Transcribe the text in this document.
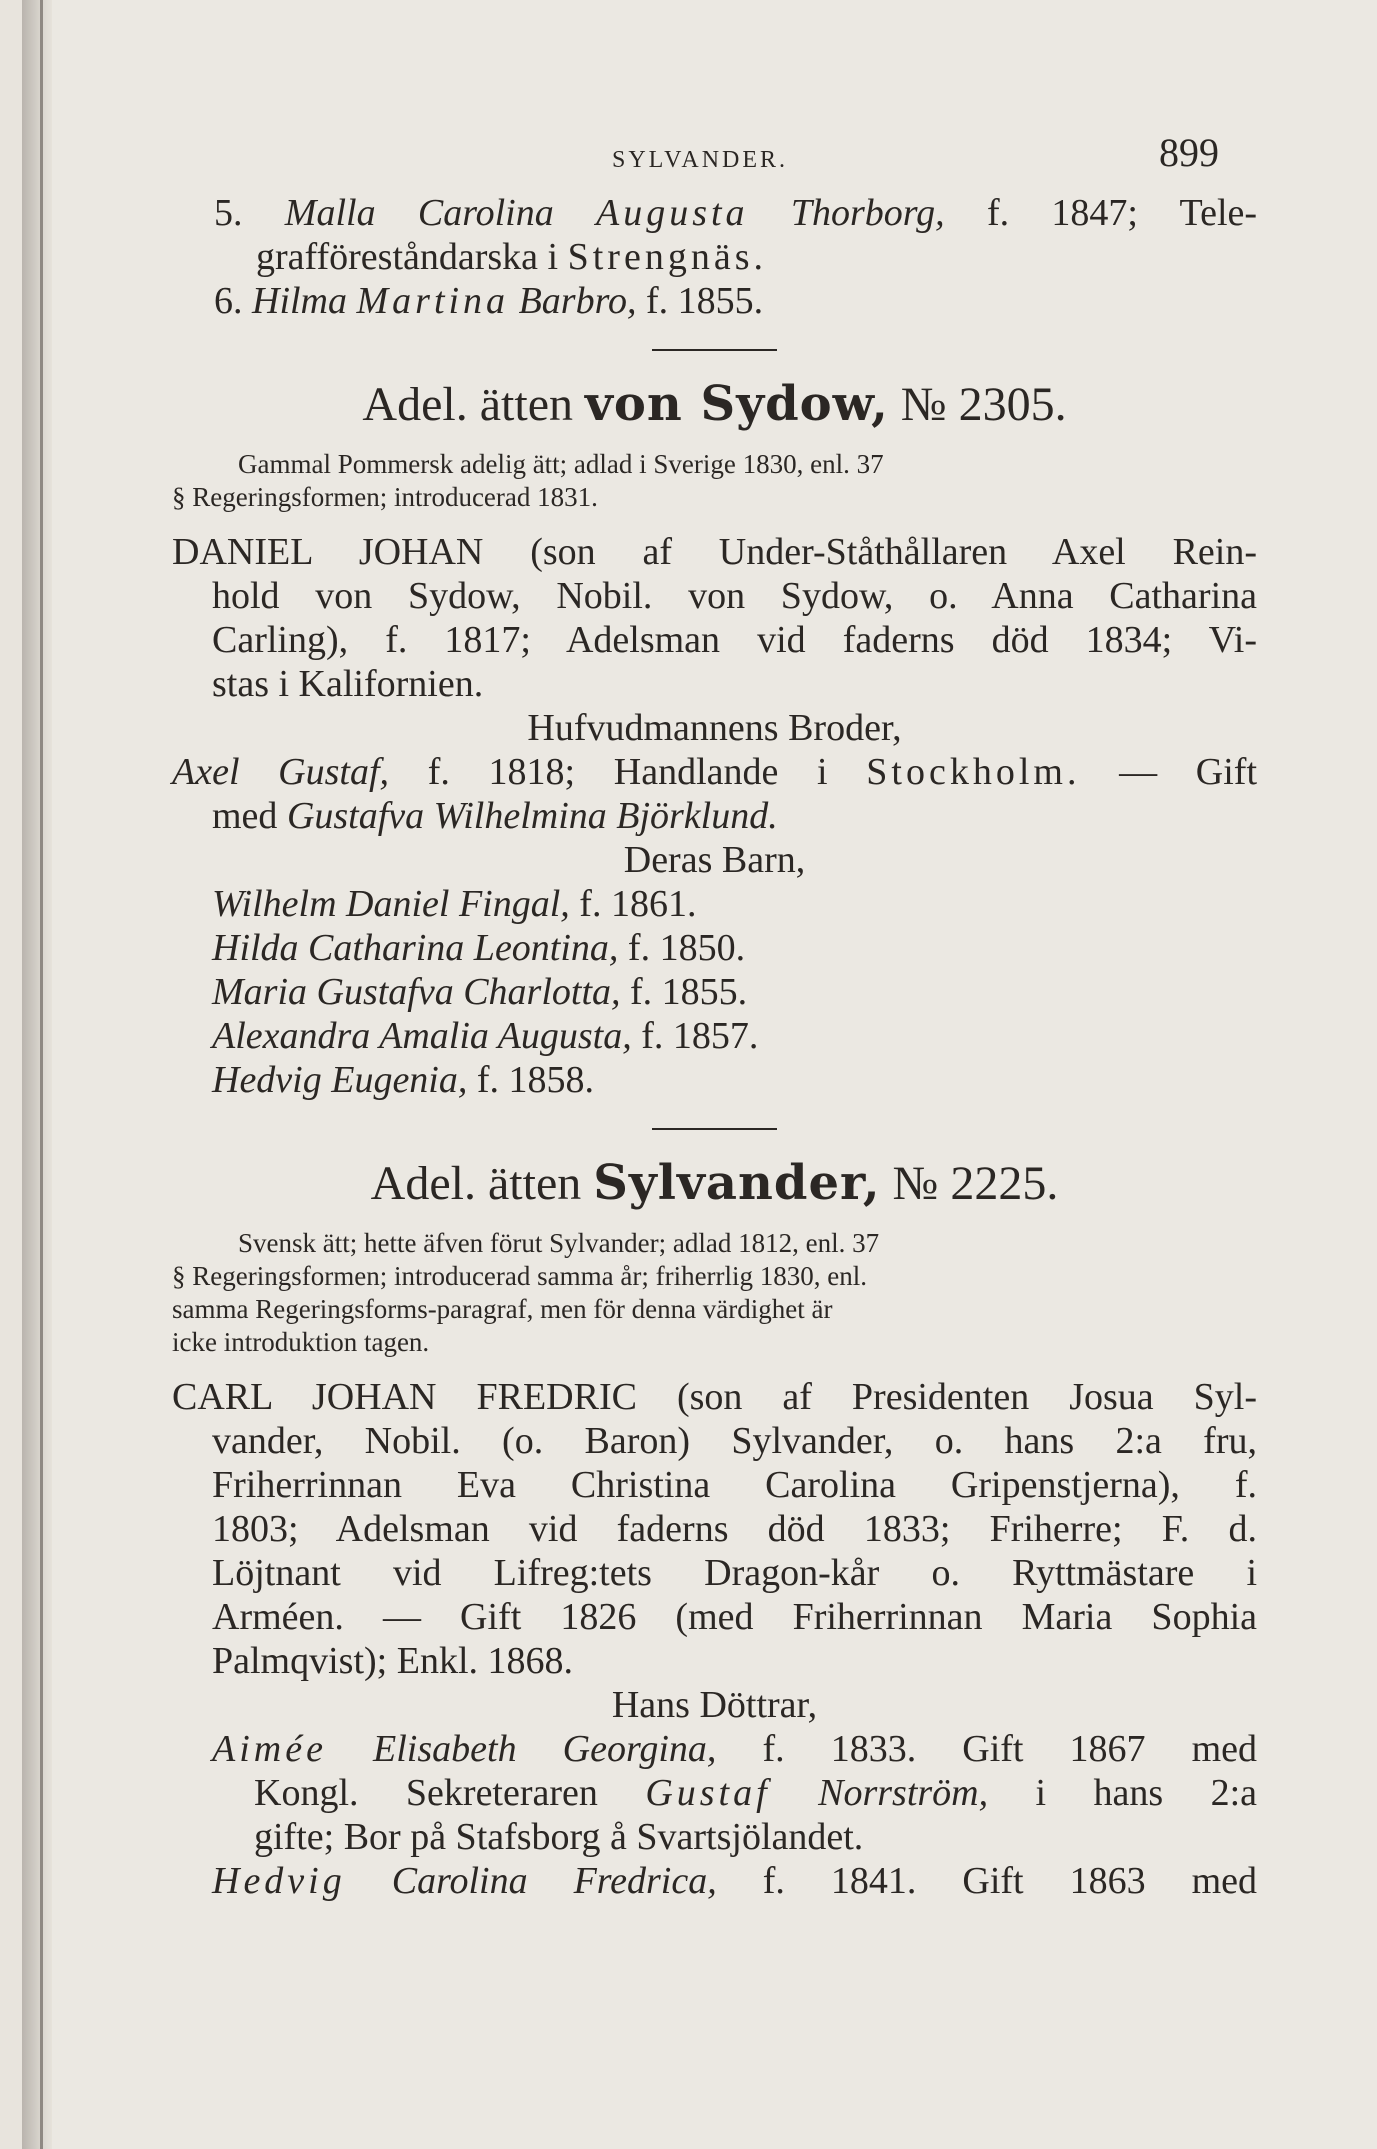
SYLVANDER.	899
5. Malla Carolina Augusta Thorborg, f. 1847; Tele-
grafföreståndarska i Strengnäs.
6. Hilma Martina Barbro, f. 1855.
Adel. ätten von Sydow, № 2305.
Gammal Pommersk adelig ätt; adlad i Sverige 1830, enl. 37
§ Regeringsformen; introducerad 1831.
DANIEL JOHAN (son af Under-Ståthållaren Axel Rein-
hold von Sydow, Nobil. von Sydow, o. Anna Catharina
Carling), f. 1817; Adelsman vid faderns död 1834; Vi-
stas i Kalifornien.
Hufvudmannens Broder,
Axel Gustaf, f. 1818; Handlande i Stockholm. — Gift
med Gustafva Wilhelmina Björklund.
Deras Barn,
Wilhelm Daniel Fingal, f. 1861.
Hilda Catharina Leontina, f. 1850.
Maria Gustafva Charlotta, f. 1855.
Alexandra Amalia Augusta, f. 1857.
Hedvig Eugenia, f. 1858.
Adel. ätten Sylvander, № 2225.
Svensk ätt; hette äfven förut Sylvander; adlad 1812, enl. 37
§ Regeringsformen; introducerad samma år; friherrlig 1830, enl.
samma Regeringsforms-paragraf, men för denna värdighet är
icke introduktion tagen.
CARL JOHAN FREDRIC (son af Presidenten Josua Syl-
vander, Nobil. (o. Baron) Sylvander, o. hans 2:a fru,
Friherrinnan Eva Christina Carolina Gripenstjerna), f.
1803; Adelsman vid faderns död 1833; Friherre; F. d.
Löjtnant vid Lifreg:tets Dragon-kår o. Ryttmästare i
Arméen. — Gift 1826 (med Friherrinnan Maria Sophia
Palmqvist); Enkl. 1868.
Hans Döttrar,
Aimée Elisabeth Georgina, f. 1833. Gift 1867 med
Kongl. Sekreteraren Gustaf Norrström, i hans 2:a
gifte; Bor på Stafsborg å Svartsjölandet.
Hedvig Carolina Fredrica, f. 1841. Gift 1863 med
